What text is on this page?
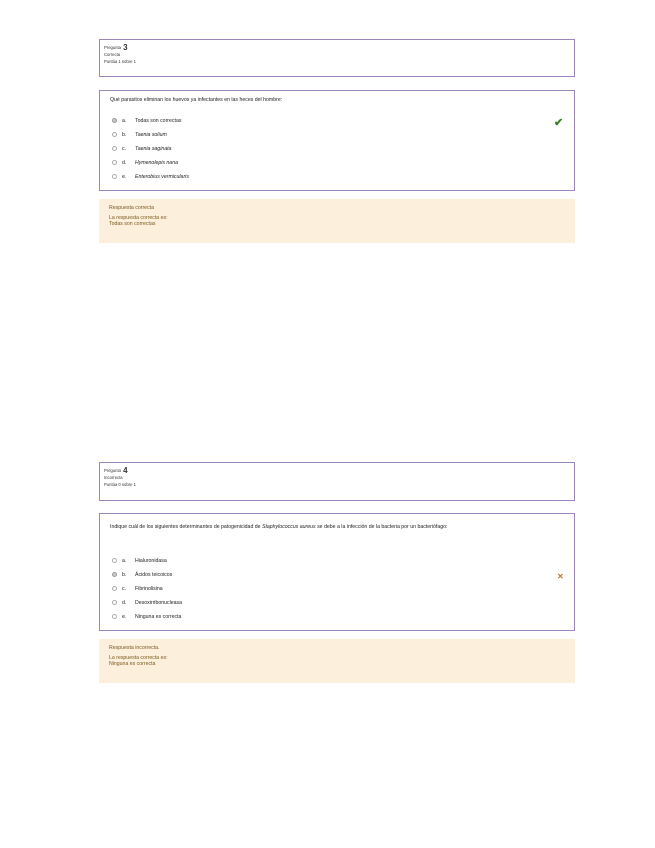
Pregunta 3
Correcta
Puntúa 1 sobre 1
Qué parasitos eliminan los huevos ya infectantes en las heces del hombre:
a.	Todas son correctas
b.	Taenia solium
c.	Taenia saginata
d.	Hymenolepis nana
e.	Enterobius vermicularis
✔
Respuesta correcta
La respuesta correcta es:
Todas son correctas
Pregunta 4
Incorrecta
Puntúa 0 sobre 1
Indique cuál de los siguientes determinantes de patogenicidad de Staphylococcus aureus se debe a la infección de la bacteria por un bacteriófago:
a.	Hialuronidasa
b.	Ácidos teicoicos
c.	Fibrinolisina
d.	Desoxirribonucleasa
e.	Ninguna es correcta
✕
Respuesta incorrecta.
La respuesta correcta es:
Ninguna es correcta
